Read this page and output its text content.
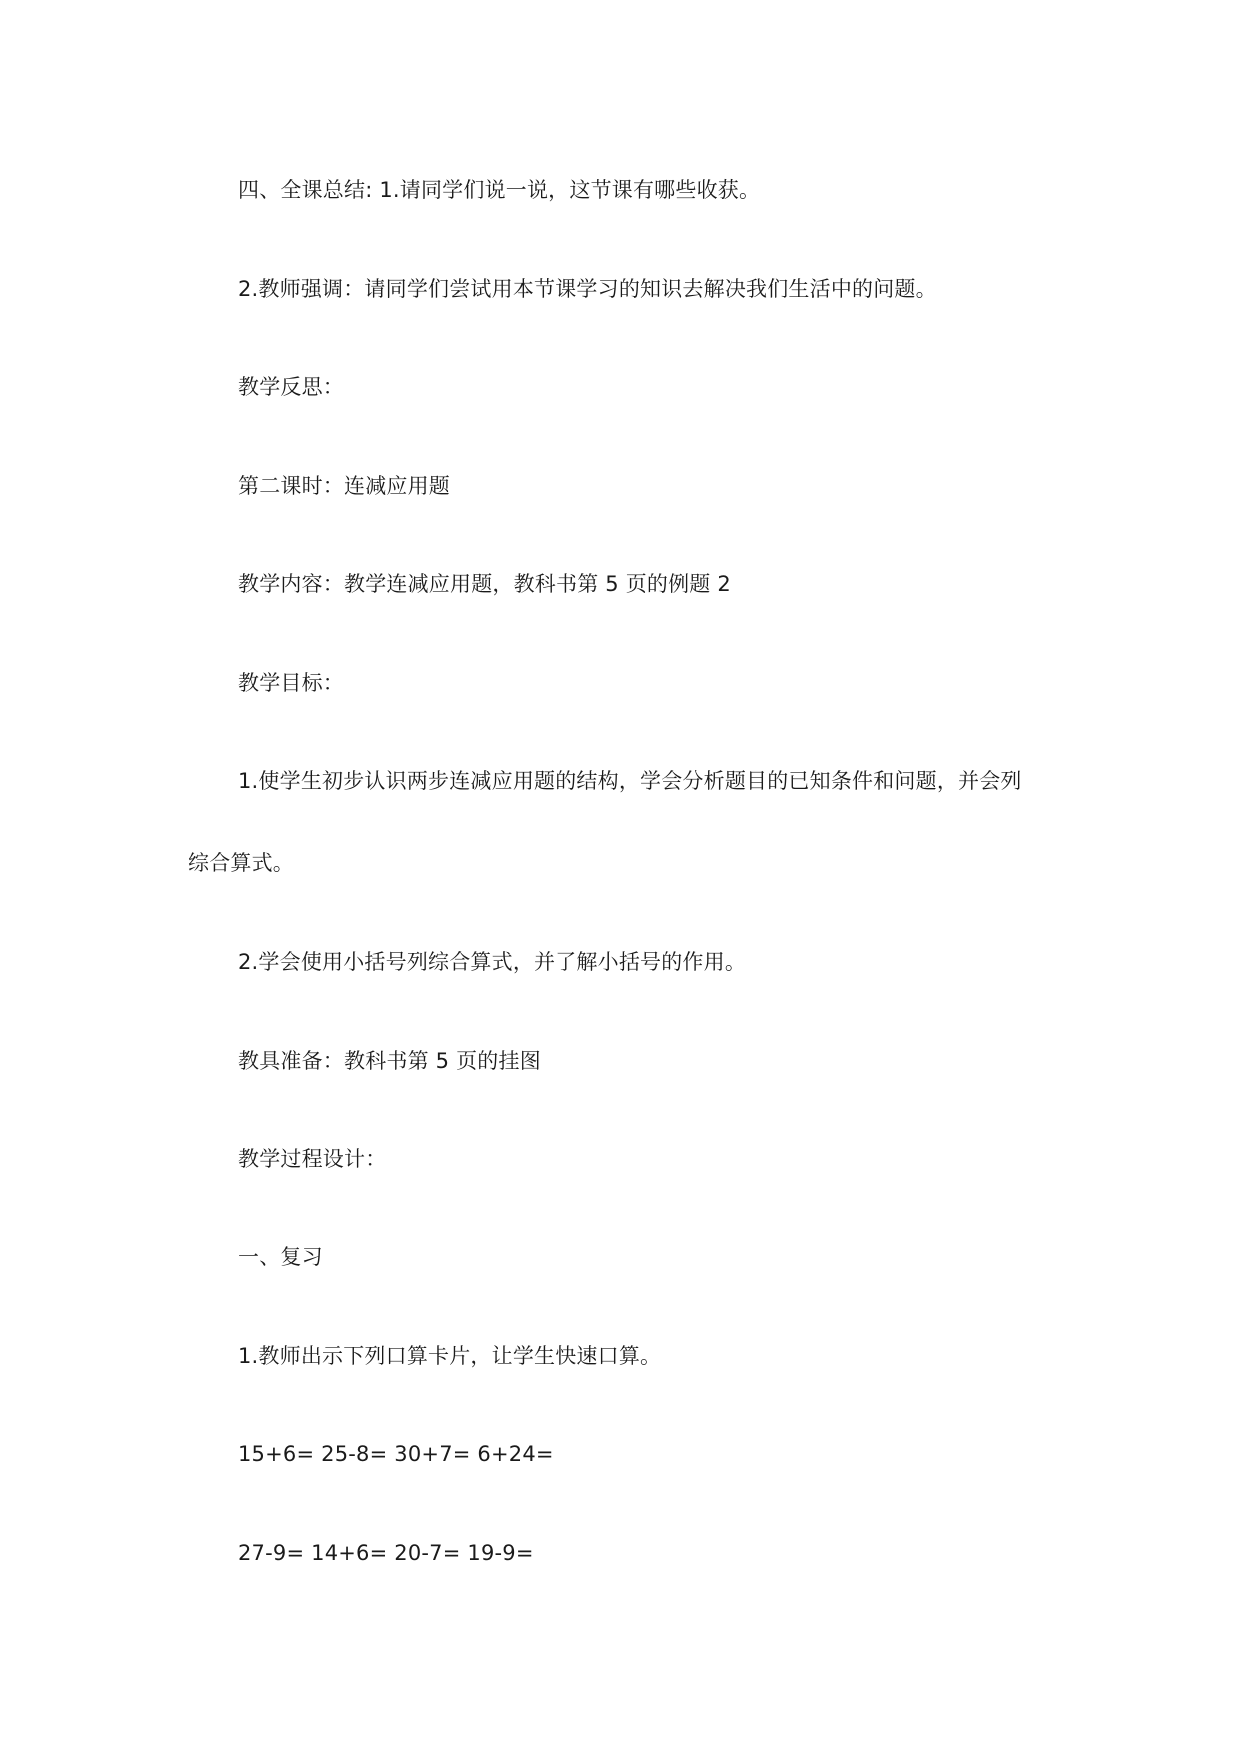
四、全课总结: 1.请同学们说一说，这节课有哪些收获。
2.教师强调：请同学们尝试用本节课学习的知识去解决我们生活中的问题。
教学反思：
第二课时：连减应用题
教学内容：教学连减应用题，教科书第 5 页的例题 2
教学目标：
1.使学生初步认识两步连减应用题的结构，学会分析题目的已知条件和问题，并会列
综合算式。
2.学会使用小括号列综合算式，并了解小括号的作用。
教具准备：教科书第 5 页的挂图
教学过程设计：
一、复习
1.教师出示下列口算卡片，让学生快速口算。
15+6= 25-8= 30+7= 6+24=
27-9= 14+6= 20-7= 19-9=
